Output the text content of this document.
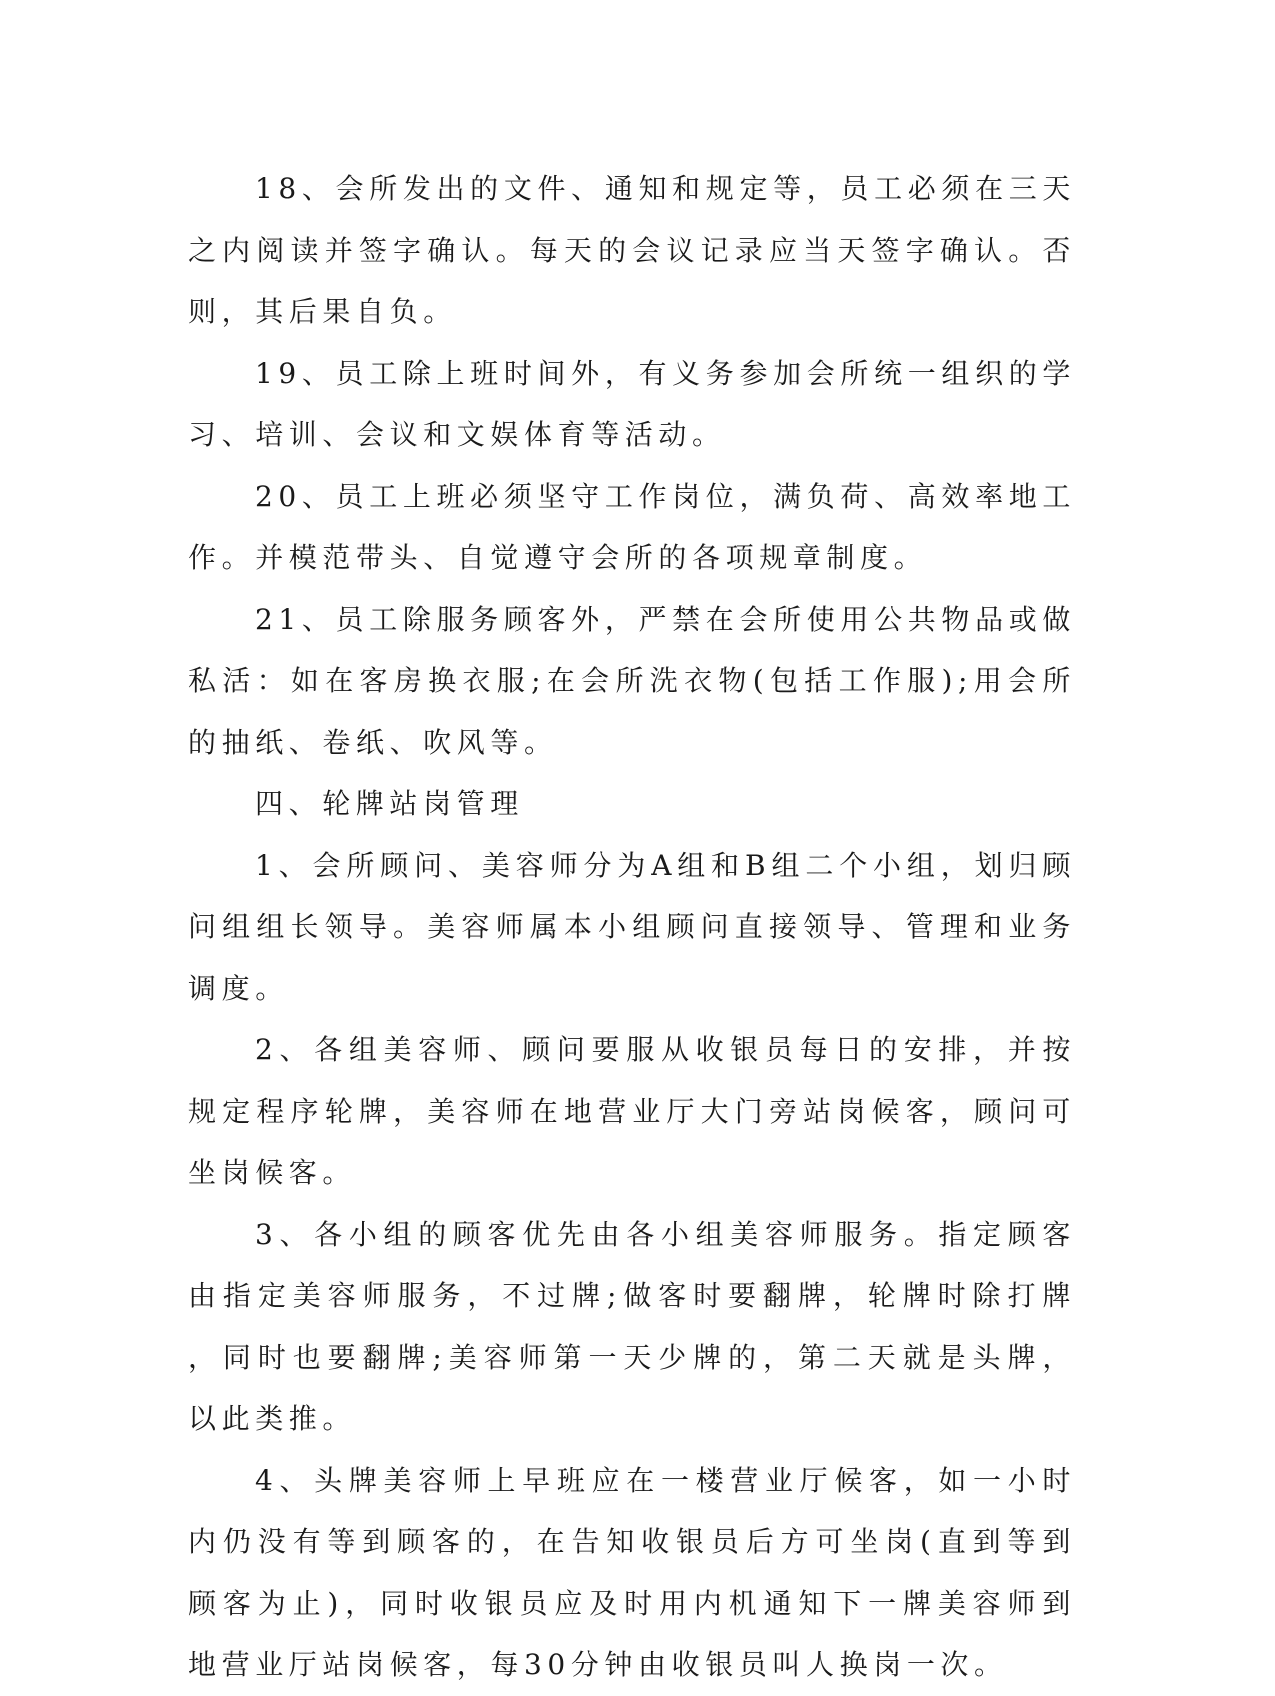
18、会所发出的文件、通知和规定等，员工必须在三天之内阅读并签字确认。每天的会议记录应当天签字确认。否则，其后果自负。

19、员工除上班时间外，有义务参加会所统一组织的学习、培训、会议和文娱体育等活动。

20、员工上班必须坚守工作岗位，满负荷、高效率地工作。并模范带头、自觉遵守会所的各项规章制度。

21、员工除服务顾客外，严禁在会所使用公共物品或做私活：如在客房换衣服;在会所洗衣物(包括工作服);用会所的抽纸、卷纸、吹风等。

四、轮牌站岗管理

1、会所顾问、美容师分为A组和B组二个小组，划归顾问组组长领导。美容师属本小组顾问直接领导、管理和业务调度。

2、各组美容师、顾问要服从收银员每日的安排，并按规定程序轮牌，美容师在地营业厅大门旁站岗候客，顾问可坐岗候客。

3、各小组的顾客优先由各小组美容师服务。指定顾客由指定美容师服务，不过牌;做客时要翻牌，轮牌时除打牌，同时也要翻牌;美容师第一天少牌的，第二天就是头牌，以此类推。

4、头牌美容师上早班应在一楼营业厅候客，如一小时内仍没有等到顾客的，在告知收银员后方可坐岗(直到等到顾客为止)，同时收银员应及时用内机通知下一牌美容师到地营业厅站岗候客，每30分钟由收银员叫人换岗一次。
